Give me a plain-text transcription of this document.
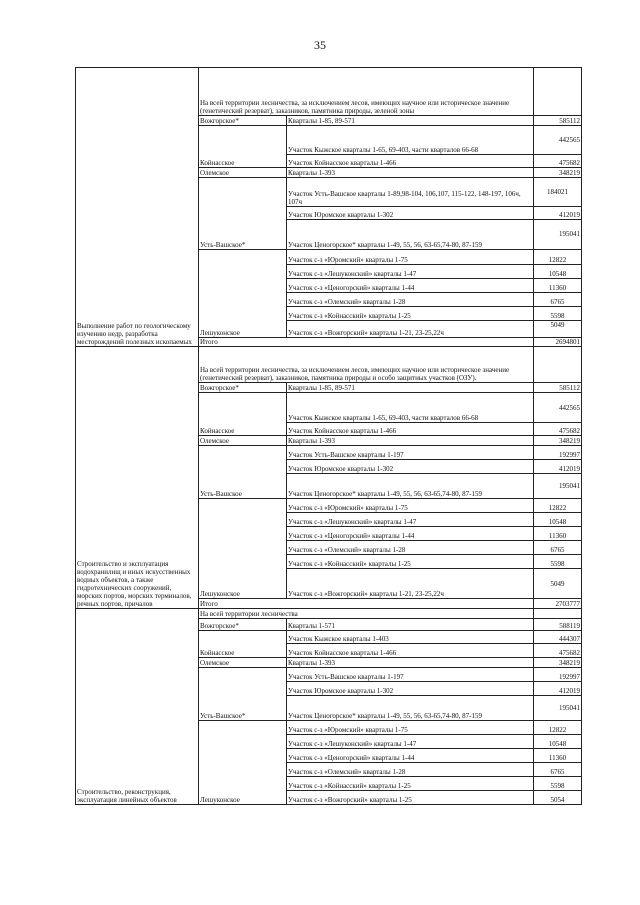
35
Выполнение работ по геологическому изучению недр, разработка месторождений полезных ископаемых	На всей территории лесничества, за исключением лесов, имеющих научное или историческое значение (генетический резерват), заказников, памятника природы, зеленой зоны		
	Вожгорское*	Кварталы 1-85, 89-571	585112
	Койнасское	Участок Кыжское кварталы 1-65, 69-403, части кварталов 66-68	442565
		Участок Койнасское кварталы 1-466	475682
	Олемское	Кварталы 1-393	348219
	Усть-Вашское*	Участок Усть-Вашское кварталы 1-89,98-104, 106,107, 115-122, 148-197, 106ч, 107ч	184021
		Участок Юромское кварталы 1-302	412019
		Участок Ценогорское* кварталы 1-49, 55, 56, 63-65,74-80, 87-159	195041
	Лешуконское	Участок с-з «Юромский» кварталы 1-75	12822
		Участок с-з «Лешуконский» кварталы 1-47	10548
		Участок с-з «Ценогорский» кварталы 1-44	11360
		Участок с-з «Олемский» кварталы 1-28	6765
		Участок с-з «Койнасский» кварталы 1-25	5598
		Участок с-з «Вожгорский» кварталы 1-21, 23-25,22ч	5049
	Итого		2694801
Строительство и эксплуатация водохранилищ и иных искусственных водных объектов, а также гидротехнических сооружений, морских портов, морских терминалов, речных портов, причалов	На всей территории лесничества, за исключением лесов, имеющих научное или историческое значение (генетический резерват), заказников, памятника природы и особо защитных участков (ОЗУ).		
	Вожгорское*	Кварталы 1-85, 89-571	585112
	Койнасское	Участок Кыжское кварталы 1-65, 69-403, части кварталов 66-68	442565
		Участок Койнасское кварталы 1-466	475682
	Олемское	Кварталы 1-393	348219
	Усть-Вашское	Участок Усть-Вашское кварталы 1-197	192997
		Участок Юромское кварталы 1-302	412019
		Участок Ценогорское* кварталы 1-49, 55, 56, 63-65,74-80, 87-159	195041
	Лешуконское	Участок с-з «Юромский» кварталы 1-75	12822
		Участок с-з «Лешуконский» кварталы 1-47	10548
		Участок с-з «Ценогорский» кварталы 1-44	11360
		Участок с-з «Олемский» кварталы 1-28	6765
		Участок с-з «Койнасский» кварталы 1-25	5598
		Участок с-з «Вожгорский» кварталы 1-21, 23-25,22ч	5049
	Итого		2703777
Строительство, реконструкция, эксплуатация линейных объектов	На всей территории лесничества		
	Вожгорское*	Кварталы 1-571	588119
	Койнасское	Участок Кыжское кварталы 1-403	444307
		Участок Койнасское кварталы 1-466	475682
	Олемское	Кварталы 1-393	348219
	Усть-Вашское*	Участок Усть-Вашское кварталы 1-197	192997
		Участок Юромское кварталы 1-302	412019
		Участок Ценогорское* кварталы 1-49, 55, 56, 63-65,74-80, 87-159	195041
	Лешуконское	Участок с-з «Юромский» кварталы 1-75	12822
		Участок с-з «Лешуконский» кварталы 1-47	10548
		Участок с-з «Ценогорский» кварталы 1-44	11360
		Участок с-з «Олемский» кварталы 1-28	6765
		Участок с-з «Койнасский» кварталы 1-25	5598
		Участок с-з «Вожгорский» кварталы 1-25	5054
